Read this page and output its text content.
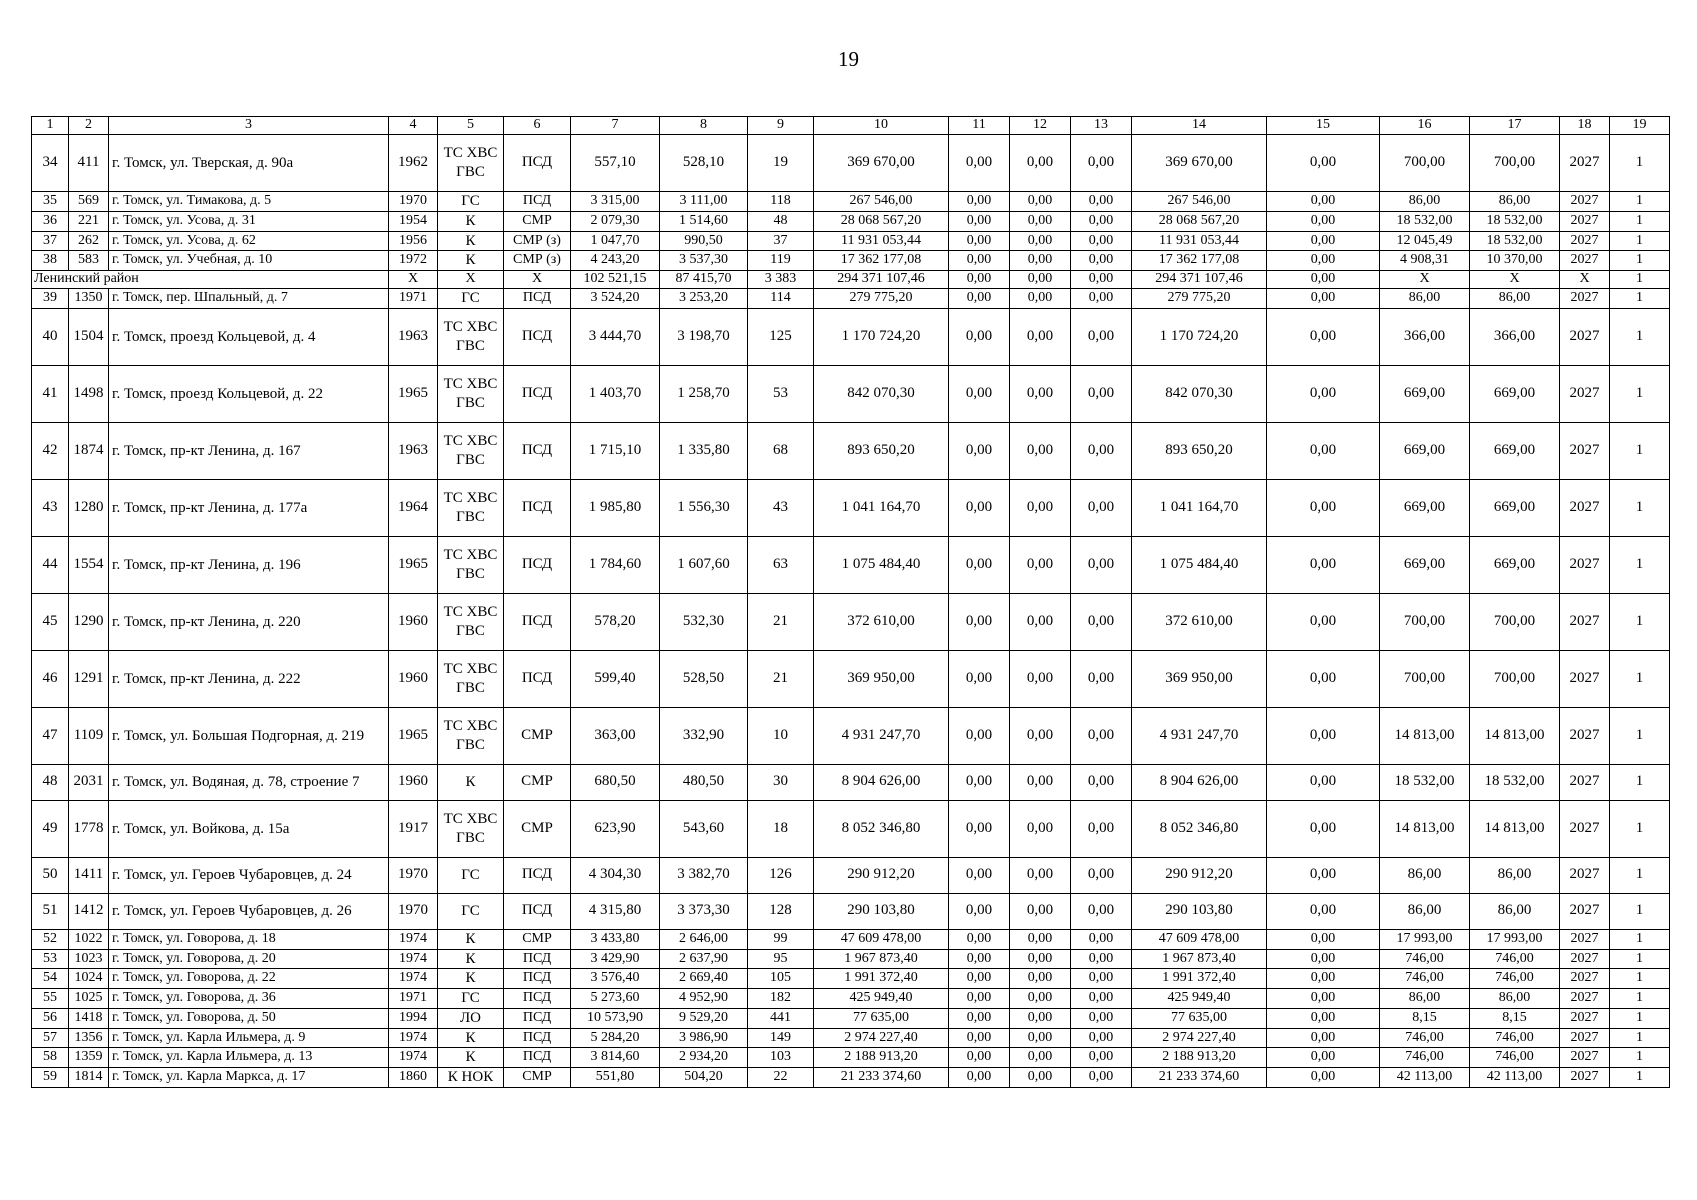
19
1	2	3	4	5	6	7	8	9	10	11	12	13	14	15	16	17	18	19
34	411	г. Томск, ул. Тверская, д. 90а	1962	ТС ХВС ГВС	ПСД	557,10	528,10	19	369 670,00	0,00	0,00	0,00	369 670,00	0,00	700,00	700,00	2027	1
35	569	г. Томск, ул. Тимакова, д. 5	1970	ГС	ПСД	3 315,00	3 111,00	118	267 546,00	0,00	0,00	0,00	267 546,00	0,00	86,00	86,00	2027	1
36	221	г. Томск, ул. Усова, д. 31	1954	К	СМР	2 079,30	1 514,60	48	28 068 567,20	0,00	0,00	0,00	28 068 567,20	0,00	18 532,00	18 532,00	2027	1
37	262	г. Томск, ул. Усова, д. 62	1956	К	СМР (з)	1 047,70	990,50	37	11 931 053,44	0,00	0,00	0,00	11 931 053,44	0,00	12 045,49	18 532,00	2027	1
38	583	г. Томск, ул. Учебная, д. 10	1972	К	СМР (з)	4 243,20	3 537,30	119	17 362 177,08	0,00	0,00	0,00	17 362 177,08	0,00	4 908,31	10 370,00	2027	1
Ленинский район			Х	Х	Х	102 521,15	87 415,70	3 383	294 371 107,46	0,00	0,00	0,00	294 371 107,46	0,00	Х	Х	Х	1
39	1350	г. Томск, пер. Шпальный, д. 7	1971	ГС	ПСД	3 524,20	3 253,20	114	279 775,20	0,00	0,00	0,00	279 775,20	0,00	86,00	86,00	2027	1
40	1504	г. Томск, проезд Кольцевой, д. 4	1963	ТС ХВС ГВС	ПСД	3 444,70	3 198,70	125	1 170 724,20	0,00	0,00	0,00	1 170 724,20	0,00	366,00	366,00	2027	1
41	1498	г. Томск, проезд Кольцевой, д. 22	1965	ТС ХВС ГВС	ПСД	1 403,70	1 258,70	53	842 070,30	0,00	0,00	0,00	842 070,30	0,00	669,00	669,00	2027	1
42	1874	г. Томск, пр-кт Ленина, д. 167	1963	ТС ХВС ГВС	ПСД	1 715,10	1 335,80	68	893 650,20	0,00	0,00	0,00	893 650,20	0,00	669,00	669,00	2027	1
43	1280	г. Томск, пр-кт Ленина, д. 177а	1964	ТС ХВС ГВС	ПСД	1 985,80	1 556,30	43	1 041 164,70	0,00	0,00	0,00	1 041 164,70	0,00	669,00	669,00	2027	1
44	1554	г. Томск, пр-кт Ленина, д. 196	1965	ТС ХВС ГВС	ПСД	1 784,60	1 607,60	63	1 075 484,40	0,00	0,00	0,00	1 075 484,40	0,00	669,00	669,00	2027	1
45	1290	г. Томск, пр-кт Ленина, д. 220	1960	ТС ХВС ГВС	ПСД	578,20	532,30	21	372 610,00	0,00	0,00	0,00	372 610,00	0,00	700,00	700,00	2027	1
46	1291	г. Томск, пр-кт Ленина, д. 222	1960	ТС ХВС ГВС	ПСД	599,40	528,50	21	369 950,00	0,00	0,00	0,00	369 950,00	0,00	700,00	700,00	2027	1
47	1109	г. Томск, ул. Большая Подгорная, д. 219	1965	ТС ХВС ГВС	СМР	363,00	332,90	10	4 931 247,70	0,00	0,00	0,00	4 931 247,70	0,00	14 813,00	14 813,00	2027	1
48	2031	г. Томск, ул. Водяная, д. 78, строение 7	1960	К	СМР	680,50	480,50	30	8 904 626,00	0,00	0,00	0,00	8 904 626,00	0,00	18 532,00	18 532,00	2027	1
49	1778	г. Томск, ул. Войкова, д. 15а	1917	ТС ХВС ГВС	СМР	623,90	543,60	18	8 052 346,80	0,00	0,00	0,00	8 052 346,80	0,00	14 813,00	14 813,00	2027	1
50	1411	г. Томск, ул. Героев Чубаровцев, д. 24	1970	ГС	ПСД	4 304,30	3 382,70	126	290 912,20	0,00	0,00	0,00	290 912,20	0,00	86,00	86,00	2027	1
51	1412	г. Томск, ул. Героев Чубаровцев, д. 26	1970	ГС	ПСД	4 315,80	3 373,30	128	290 103,80	0,00	0,00	0,00	290 103,80	0,00	86,00	86,00	2027	1
52	1022	г. Томск, ул. Говорова, д. 18	1974	К	СМР	3 433,80	2 646,00	99	47 609 478,00	0,00	0,00	0,00	47 609 478,00	0,00	17 993,00	17 993,00	2027	1
53	1023	г. Томск, ул. Говорова, д. 20	1974	К	ПСД	3 429,90	2 637,90	95	1 967 873,40	0,00	0,00	0,00	1 967 873,40	0,00	746,00	746,00	2027	1
54	1024	г. Томск, ул. Говорова, д. 22	1974	К	ПСД	3 576,40	2 669,40	105	1 991 372,40	0,00	0,00	0,00	1 991 372,40	0,00	746,00	746,00	2027	1
55	1025	г. Томск, ул. Говорова, д. 36	1971	ГС	ПСД	5 273,60	4 952,90	182	425 949,40	0,00	0,00	0,00	425 949,40	0,00	86,00	86,00	2027	1
56	1418	г. Томск, ул. Говорова, д. 50	1994	ЛО	ПСД	10 573,90	9 529,20	441	77 635,00	0,00	0,00	0,00	77 635,00	0,00	8,15	8,15	2027	1
57	1356	г. Томск, ул. Карла Ильмера, д. 9	1974	К	ПСД	5 284,20	3 986,90	149	2 974 227,40	0,00	0,00	0,00	2 974 227,40	0,00	746,00	746,00	2027	1
58	1359	г. Томск, ул. Карла Ильмера, д. 13	1974	К	ПСД	3 814,60	2 934,20	103	2 188 913,20	0,00	0,00	0,00	2 188 913,20	0,00	746,00	746,00	2027	1
59	1814	г. Томск, ул. Карла Маркса, д. 17	1860	К НОК	СМР	551,80	504,20	22	21 233 374,60	0,00	0,00	0,00	21 233 374,60	0,00	42 113,00	42 113,00	2027	1
